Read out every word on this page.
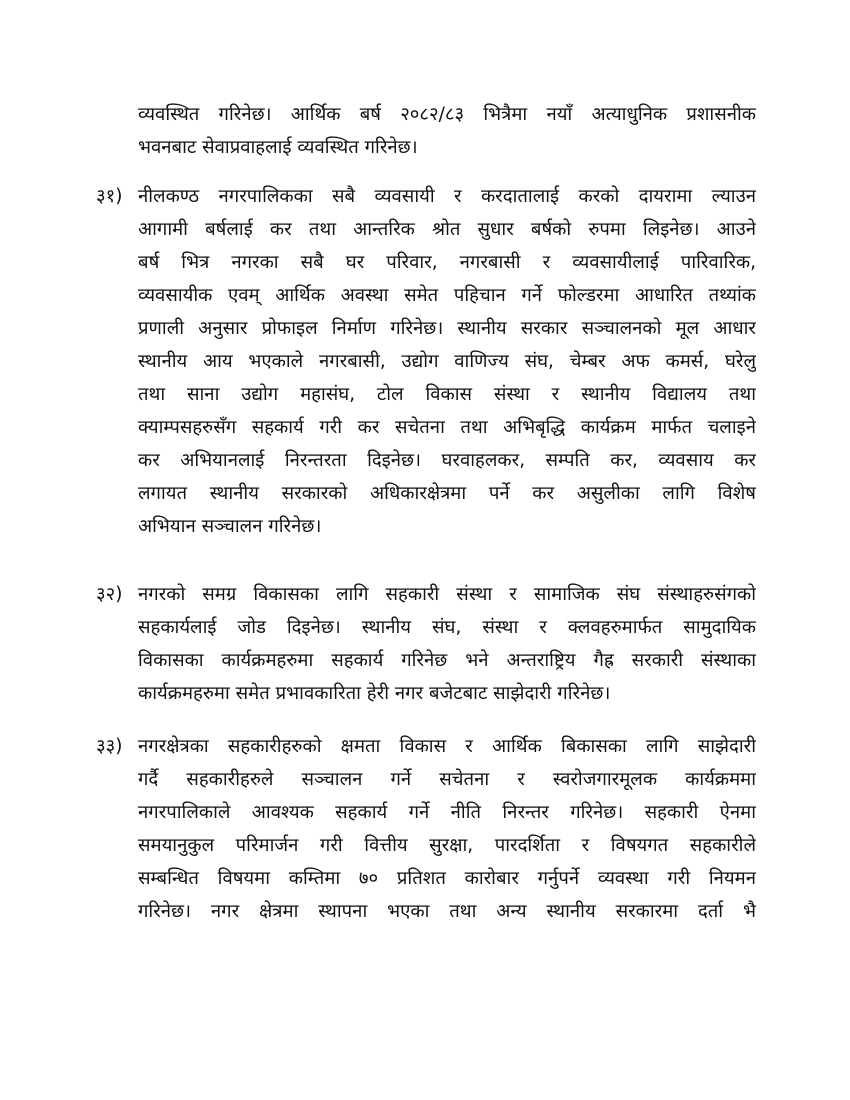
व्यवस्थित गरिनेछ। आर्थिक बर्ष २०८२/८३ भित्रैमा नयाँ अत्याधुनिक प्रशासनीक
भवनबाट सेवाप्रवाहलाई व्यवस्थित गरिनेछ।
३१) नीलकण्ठ नगरपालिकका सबै व्यवसायी र करदातालाई करको दायरामा ल्याउन
आगामी बर्षलाई कर तथा आन्तरिक श्रोत सुधार बर्षको रुपमा लिइनेछ। आउने
बर्ष भित्र नगरका सबै घर परिवार, नगरबासी र व्यवसायीलाई पारिवारिक,
व्यवसायीक एवम् आर्थिक अवस्था समेत पहिचान गर्ने फोल्डरमा आधारित तथ्यांक
प्रणाली अनुसार प्रोफाइल निर्माण गरिनेछ। स्थानीय सरकार सञ्चालनको मूल आधार
स्थानीय आय भएकाले नगरबासी, उद्योग वाणिज्य संघ, चेम्बर अफ कमर्स, घरेलु
तथा साना उद्योग महासंघ, टोल विकास संस्था र स्थानीय विद्यालय तथा
क्याम्पसहरुसँग सहकार्य गरी कर सचेतना तथा अभिबृद्धि कार्यक्रम मार्फत चलाइने
कर अभियानलाई निरन्तरता दिइनेछ। घरवाहलकर, सम्पति कर, व्यवसाय कर
लगायत स्थानीय सरकारको अधिकारक्षेत्रमा पर्ने कर असुलीका लागि विशेष
अभियान सञ्चालन गरिनेछ।
३२) नगरको समग्र विकासका लागि सहकारी संस्था र सामाजिक संघ संस्थाहरुसंगको
सहकार्यलाई जोड दिइनेछ। स्थानीय संघ, संस्था र क्लवहरुमार्फत सामुदायिक
विकासका कार्यक्रमहरुमा सहकार्य गरिनेछ भने अन्तराष्ट्रिय गैह्र सरकारी संस्थाका
कार्यक्रमहरुमा समेत प्रभावकारिता हेरी नगर बजेटबाट साझेदारी गरिनेछ।
३३) नगरक्षेत्रका सहकारीहरुको क्षमता विकास र आर्थिक बिकासका लागि साझेदारी
गर्दै सहकारीहरुले सञ्चालन गर्ने सचेतना र स्वरोजगारमूलक कार्यक्रममा
नगरपालिकाले आवश्यक सहकार्य गर्ने नीति निरन्तर गरिनेछ। सहकारी ऐनमा
समयानुकुल परिमार्जन गरी वित्तीय सुरक्षा, पारदर्शिता र विषयगत सहकारीले
सम्बन्धित विषयमा कम्तिमा ७० प्रतिशत कारोबार गर्नुपर्ने व्यवस्था गरी नियमन
गरिनेछ। नगर क्षेत्रमा स्थापना भएका तथा अन्य स्थानीय सरकारमा दर्ता भै
